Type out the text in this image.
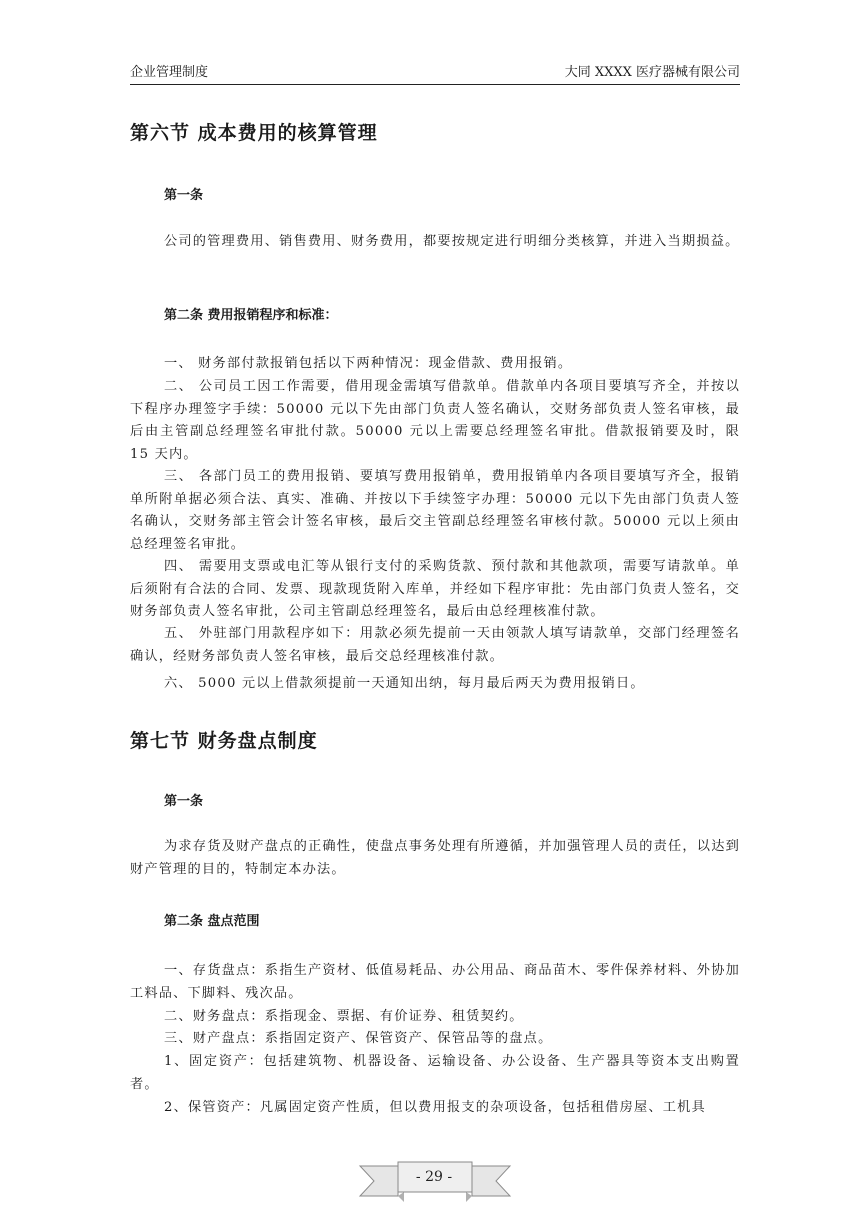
企业管理制度	大同 XXXX 医疗器械有限公司
第六节 成本费用的核算管理
第一条

公司的管理费用、销售费用、财务费用，都要按规定进行明细分类核算，并进入当期损益。

第二条 费用报销程序和标准：

一、 财务部付款报销包括以下两种情况：现金借款、费用报销。

二、 公司员工因工作需要，借用现金需填写借款单。借款单内各项目要填写齐全，并按以下程序办理签字手续：50000 元以下先由部门负责人签名确认，交财务部负责人签名审核，最后由主管副总经理签名审批付款。50000 元以上需要总经理签名审批。借款报销要及时，限 15 天内。

三、 各部门员工的费用报销、要填写费用报销单，费用报销单内各项目要填写齐全，报销单所附单据必须合法、真实、准确、并按以下手续签字办理：50000 元以下先由部门负责人签名确认，交财务部主管会计签名审核，最后交主管副总经理签名审核付款。50000 元以上须由总经理签名审批。

四、 需要用支票或电汇等从银行支付的采购货款、预付款和其他款项，需要写请款单。单后须附有合法的合同、发票、现款现货附入库单，并经如下程序审批：先由部门负责人签名，交财务部负责人签名审批，公司主管副总经理签名，最后由总经理核准付款。

五、 外驻部门用款程序如下：用款必须先提前一天由领款人填写请款单，交部门经理签名确认，经财务部负责人签名审核，最后交总经理核准付款。

六、 5000 元以上借款须提前一天通知出纳，每月最后两天为费用报销日。

第七节 财务盘点制度
第一条

为求存货及财产盘点的正确性，使盘点事务处理有所遵循，并加强管理人员的责任，以达到财产管理的目的，特制定本办法。

第二条 盘点范围

一、存货盘点：系指生产资材、低值易耗品、办公用品、商品苗木、零件保养材料、外协加工料品、下脚料、残次品。

二、财务盘点：系指现金、票据、有价证券、租赁契约。

三、财产盘点：系指固定资产、保管资产、保管品等的盘点。

1、固定资产：包括建筑物、机器设备、运输设备、办公设备、生产器具等资本支出购置者。

2、保管资产：凡属固定资产性质，但以费用报支的杂项设备，包括租借房屋、工机具

- 29 -
